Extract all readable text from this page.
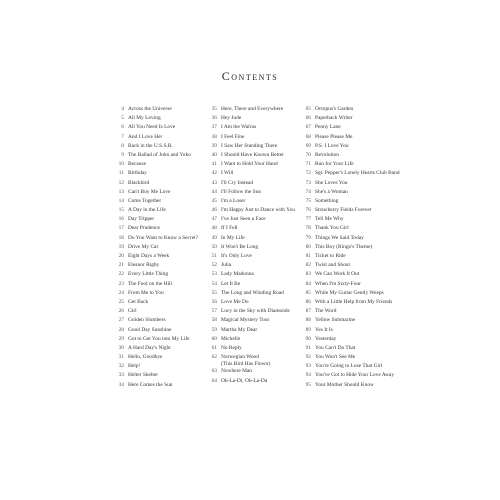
Contents
4 Across the Universe
5 All My Loving
6 All You Need Is Love
7 And I Love Her
8 Back in the U.S.S.R.
9 The Ballad of John and Yoko
10 Because
11 Birthday
12 Blackbird
13 Can't Buy Me Love
14 Come Together
15 A Day in the Life
16 Day Tripper
17 Dear Prudence
18 Do You Want to Know a Secret?
19 Drive My Car
20 Eight Days a Week
21 Eleanor Rigby
22 Every Little Thing
23 The Fool on the Hill
24 From Me to You
25 Get Back
26 Girl
27 Golden Slumbers
28 Good Day Sunshine
29 Got to Get You into My Life
30 A Hard Day's Night
31 Hello, Goodbye
32 Help!
33 Helter Skelter
34 Here Comes the Sun
35 Here, There and Everywhere
36 Hey Jude
37 I Am the Walrus
38 I Feel Fine
39 I Saw Her Standing There
40 I Should Have Known Better
41 I Want to Hold Your Hand
42 I Will
43 I'll Cry Instead
44 I'll Follow the Sun
45 I'm a Loser
46 I'm Happy Just to Dance with You
47 I've Just Seen a Face
48 If I Fell
49 In My Life
50 It Won't Be Long
51 It's Only Love
52 Julia
53 Lady Madonna
54 Let It Be
55 The Long and Winding Road
56 Love Me Do
57 Lucy in the Sky with Diamonds
58 Magical Mystery Tour
59 Martha My Dear
60 Michelle
61 No Reply
62 Norwegian Wood
(This Bird Has Flown)
63 Nowhere Man
64 Ob-La-Di, Ob-La-Da
65 Octopus's Garden
66 Paperback Writer
67 Penny Lane
68 Please Please Me
69 P.S. I Love You
70 Revolution
71 Run for Your Life
72 Sgt. Pepper's Lonely Hearts Club Band
73 She Loves You
74 She's a Woman
75 Something
76 Strawberry Fields Forever
77 Tell Me Why
78 Thank You Girl
79 Things We Said Today
80 This Boy (Ringo's Theme)
81 Ticket to Ride
82 Twist and Shout
83 We Can Work It Out
84 When I'm Sixty-Four
85 While My Guitar Gently Weeps
86 With a Little Help from My Friends
87 The Word
88 Yellow Submarine
89 Yes It Is
90 Yesterday
91 You Can't Do That
92 You Won't See Me
93 You're Going to Lose That Girl
94 You've Got to Hide Your Love Away
95 Your Mother Should Know
